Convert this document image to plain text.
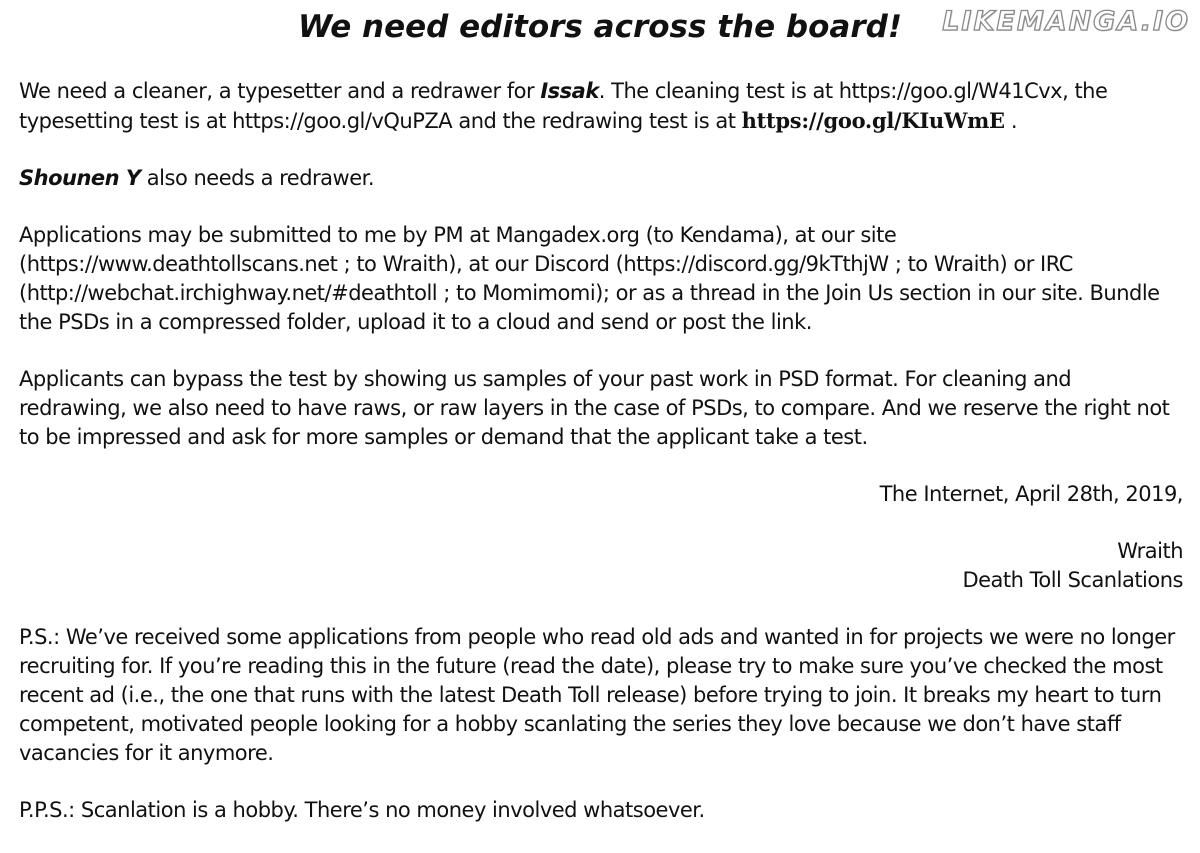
LIKEMANGA.IO
We need editors across the board!

We need a cleaner, a typesetter and a redrawer for Issak. The cleaning test is at https://goo.gl/W41Cvx, the typesetting test is at https://goo.gl/vQuPZA and the redrawing test is at https://goo.gl/KIuWmE .

Shounen Y also needs a redrawer.

Applications may be submitted to me by PM at Mangadex.org (to Kendama), at our site (https://www.deathtollscans.net ; to Wraith), at our Discord (https://discord.gg/9kTthjW ; to Wraith) or IRC (http://webchat.irchighway.net/#deathtoll ; to Momimomi); or as a thread in the Join Us section in our site. Bundle the PSDs in a compressed folder, upload it to a cloud and send or post the link.

Applicants can bypass the test by showing us samples of your past work in PSD format. For cleaning and redrawing, we also need to have raws, or raw layers in the case of PSDs, to compare. And we reserve the right not to be impressed and ask for more samples or demand that the applicant take a test.

The Internet, April 28th, 2019,

Wraith
Death Toll Scanlations

P.S.: We’ve received some applications from people who read old ads and wanted in for projects we were no longer recruiting for. If you’re reading this in the future (read the date), please try to make sure you’ve checked the most recent ad (i.e., the one that runs with the latest Death Toll release) before trying to join. It breaks my heart to turn competent, motivated people looking for a hobby scanlating the series they love because we don’t have staff vacancies for it anymore.

P.P.S.: Scanlation is a hobby. There’s no money involved whatsoever.
